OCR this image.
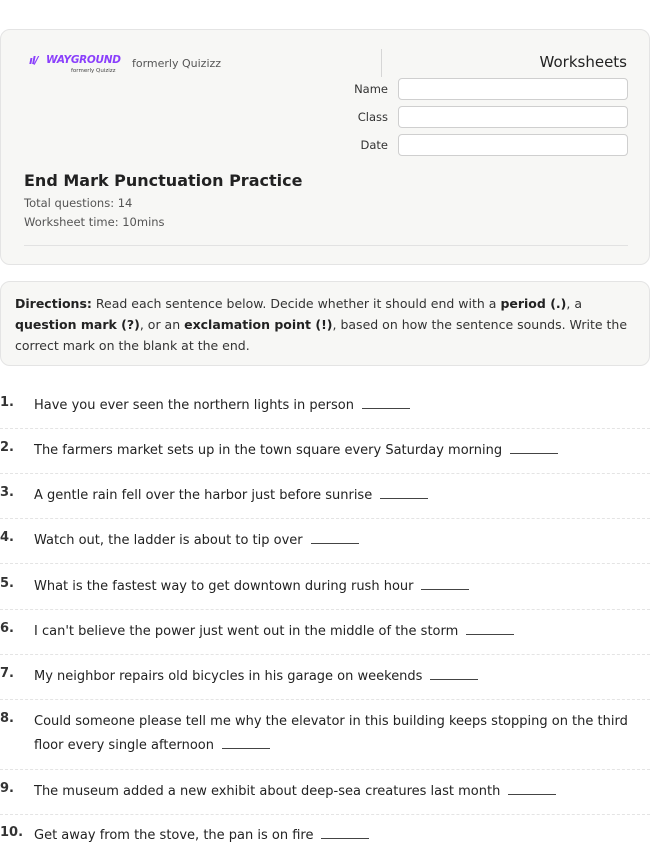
⁠ıl/ WAYGROUND
formerly Quizizz
formerly Quizizz	Worksheets
Name
Class
Date
End Mark Punctuation Practice
Total questions: 14
Worksheet time: 10mins
Directions: Read each sentence below. Decide whether it should end with a period (.), a question mark (?), or an exclamation point (!), based on how the sentence sounds. Write the correct mark on the blank at the end.
1. Have you ever seen the northern lights in person
2. The farmers market sets up in the town square every Saturday morning
3. A gentle rain fell over the harbor just before sunrise
4. Watch out, the ladder is about to tip over
5. What is the fastest way to get downtown during rush hour
6. I can't believe the power just went out in the middle of the storm
7. My neighbor repairs old bicycles in his garage on weekends
8. Could someone please tell me why the elevator in this building keeps stopping on the third floor every single afternoon
9. The museum added a new exhibit about deep-sea creatures last month
10. Get away from the stove, the pan is on fire
